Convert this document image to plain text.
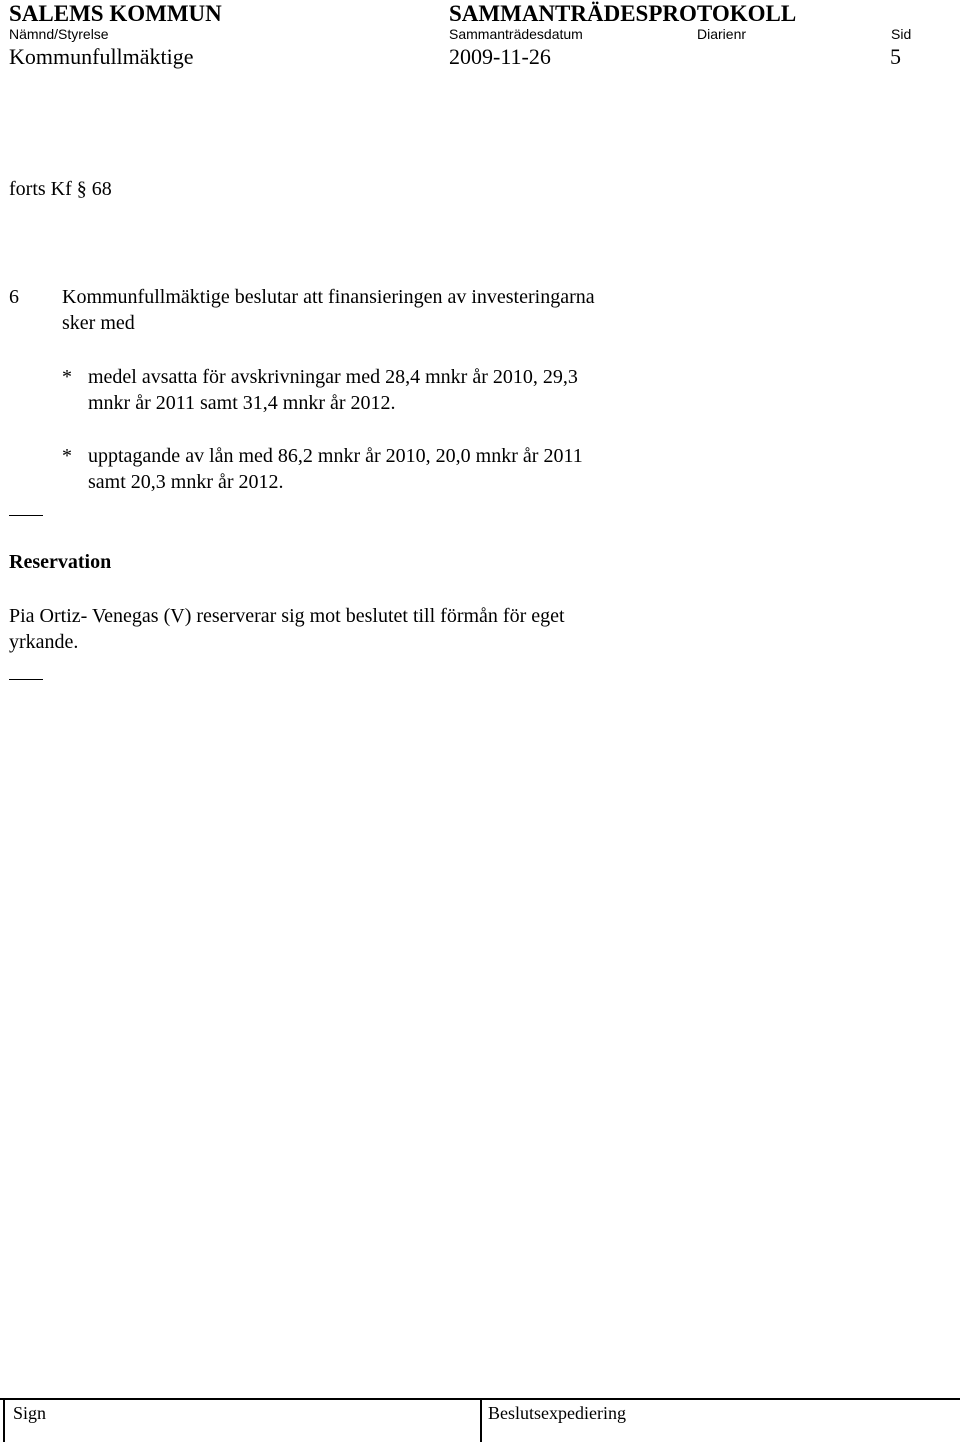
SALEMS KOMMUN	SAMMANTRÄDESPROTOKOLL
Nämnd/Styrelse	Sammanträdesdatum	Diarienr	Sid
Kommunfullmäktige	2009-11-26	5
forts Kf § 68
6 Kommunfullmäktige beslutar att finansieringen av investeringarna
sker med
* medel avsatta för avskrivningar med 28,4 mnkr år 2010, 29,3
mnkr år 2011 samt 31,4 mnkr år 2012.
* upptagande av lån med 86,2 mnkr år 2010, 20,0 mnkr år 2011
samt 20,3 mnkr år 2012.
Reservation
Pia Ortiz- Venegas (V) reserverar sig mot beslutet till förmån för eget
yrkande.
Sign	Beslutsexpediering
